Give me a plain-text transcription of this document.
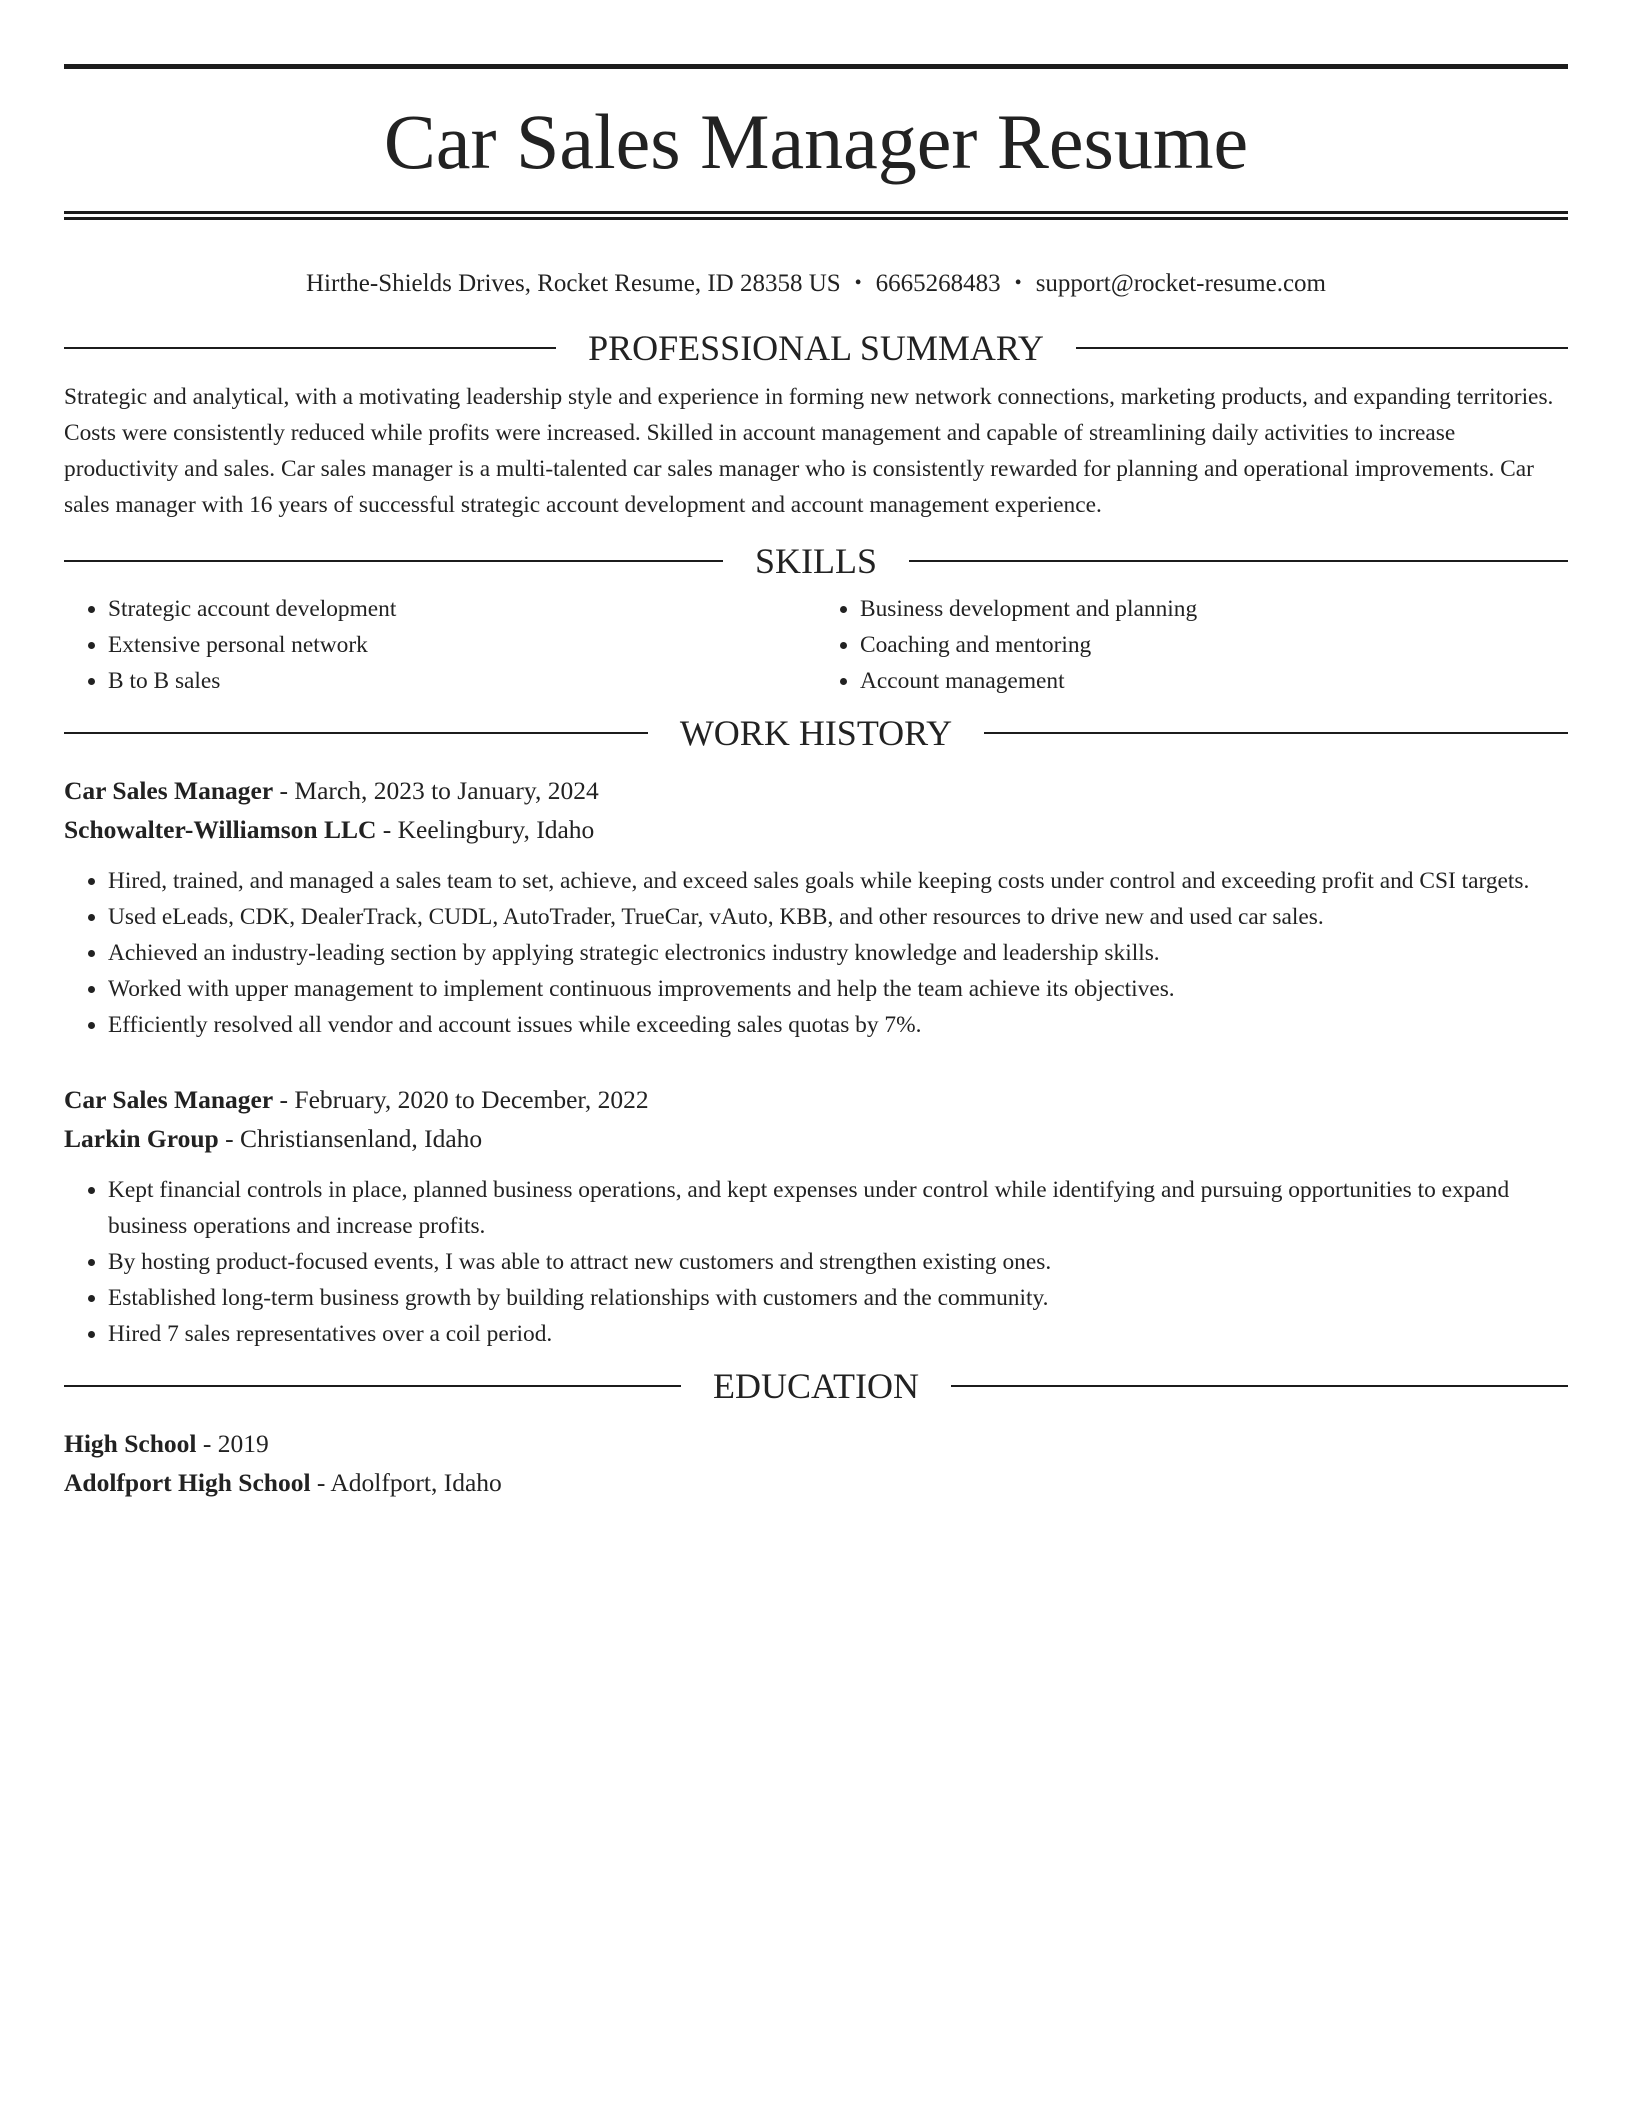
Car Sales Manager Resume
Hirthe-Shields Drives, Rocket Resume, ID 28358 US • 6665268483 • support@rocket-resume.com
PROFESSIONAL SUMMARY

Strategic and analytical, with a motivating leadership style and experience in forming new network connections, marketing products, and expanding territories. Costs were consistently reduced while profits were increased. Skilled in account management and capable of streamlining daily activities to increase productivity and sales. Car sales manager is a multi-talented car sales manager who is consistently rewarded for planning and operational improvements. Car sales manager with 16 years of successful strategic account development and account management experience.

SKILLS
• Strategic account development
• Extensive personal network
• B to B sales
• Business development and planning
• Coaching and mentoring
• Account management
WORK HISTORY

Car Sales Manager - March, 2023 to January, 2024

Schowalter-Williamson LLC - Keelingbury, Idaho

• Hired, trained, and managed a sales team to set, achieve, and exceed sales goals while keeping costs under control and exceeding profit and CSI targets.
• Used eLeads, CDK, DealerTrack, CUDL, AutoTrader, TrueCar, vAuto, KBB, and other resources to drive new and used car sales.
• Achieved an industry-leading section by applying strategic electronics industry knowledge and leadership skills.
• Worked with upper management to implement continuous improvements and help the team achieve its objectives.
• Efficiently resolved all vendor and account issues while exceeding sales quotas by 7%.

Car Sales Manager - February, 2020 to December, 2022

Larkin Group - Christiansenland, Idaho

• Kept financial controls in place, planned business operations, and kept expenses under control while identifying and pursuing opportunities to expand business operations and increase profits.
• By hosting product-focused events, I was able to attract new customers and strengthen existing ones.
• Established long-term business growth by building relationships with customers and the community.
• Hired 7 sales representatives over a coil period.
EDUCATION

High School - 2019

Adolfport High School - Adolfport, Idaho
